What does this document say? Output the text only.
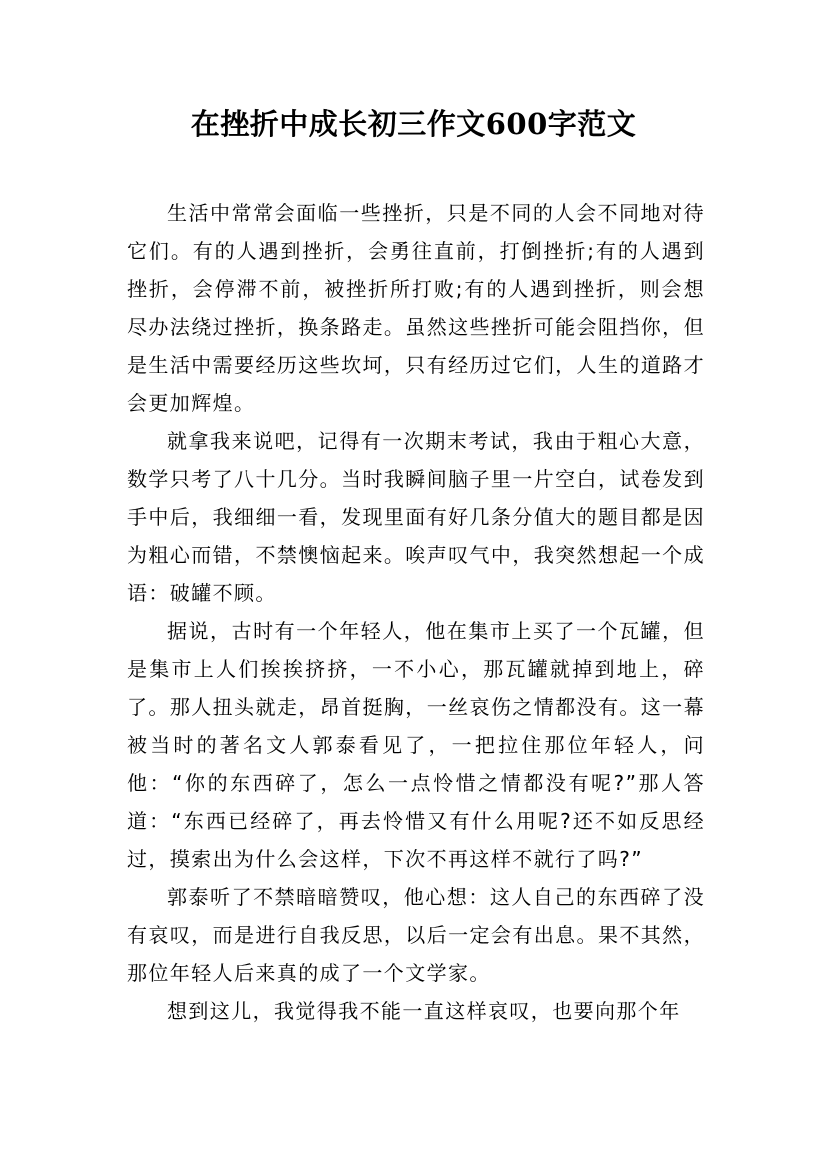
在挫折中成长初三作文600字范文

生活中常常会面临一些挫折，只是不同的人会不同地对待它们。有的人遇到挫折，会勇往直前，打倒挫折;有的人遇到挫折，会停滞不前，被挫折所打败;有的人遇到挫折，则会想尽办法绕过挫折，换条路走。虽然这些挫折可能会阻挡你，但是生活中需要经历这些坎坷，只有经历过它们，人生的道路才会更加辉煌。

就拿我来说吧，记得有一次期末考试，我由于粗心大意，数学只考了八十几分。当时我瞬间脑子里一片空白，试卷发到手中后，我细细一看，发现里面有好几条分值大的题目都是因为粗心而错，不禁懊恼起来。唉声叹气中，我突然想起一个成语：破罐不顾。

据说，古时有一个年轻人，他在集市上买了一个瓦罐，但是集市上人们挨挨挤挤，一不小心，那瓦罐就掉到地上，碎了。那人扭头就走，昂首挺胸，一丝哀伤之情都没有。这一幕被当时的著名文人郭泰看见了，一把拉住那位年轻人，问他：“你的东西碎了，怎么一点怜惜之情都没有呢?”那人答道：“东西已经碎了，再去怜惜又有什么用呢?还不如反思经过，摸索出为什么会这样，下次不再这样不就行了吗?”

郭泰听了不禁暗暗赞叹，他心想：这人自己的东西碎了没有哀叹，而是进行自我反思，以后一定会有出息。果不其然，那位年轻人后来真的成了一个文学家。

想到这儿，我觉得我不能一直这样哀叹，也要向那个年
